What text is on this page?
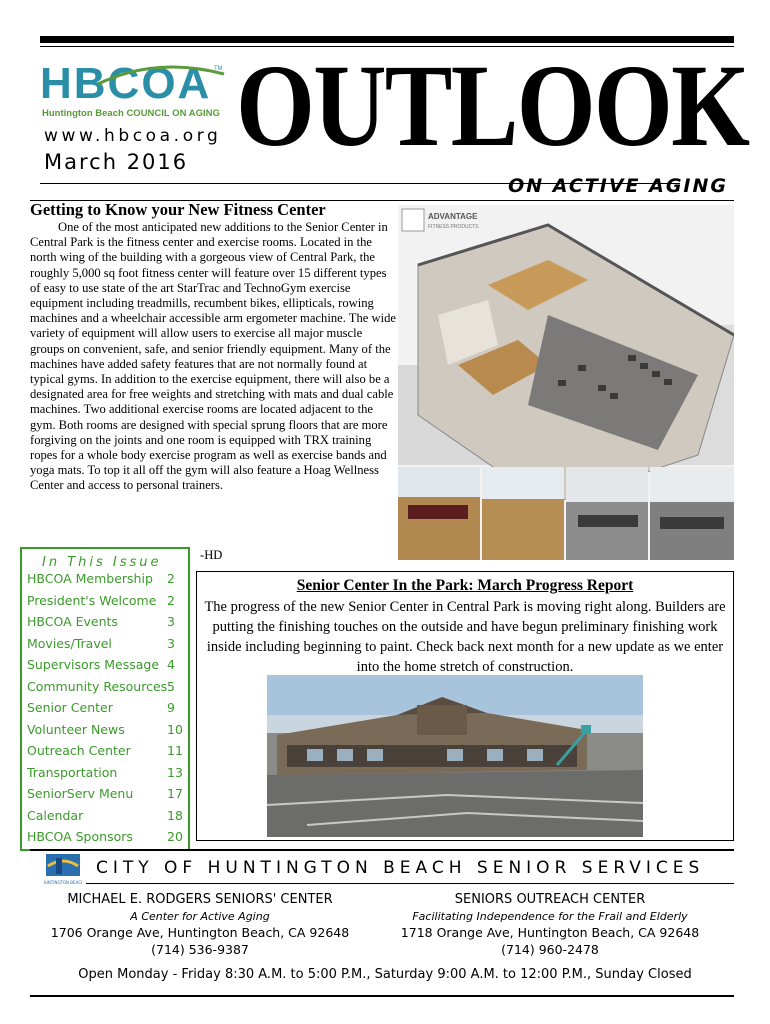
HBCOA TM
Huntington Beach COUNCIL ON AGING
www.hbcoa.org
March 2016 OUTLOOK
ON ACTIVE AGING
Getting to Know your New Fitness Center

One of the most anticipated new additions to the Senior Center in Central Park is the fitness center and exercise rooms. Located in the north wing of the building with a gorgeous view of Central Park, the roughly 5,000 sq foot fitness center will feature over 15 different types of easy to use state of the art StarTrac and TechnoGym exercise equipment including treadmills, recumbent bikes, ellipticals, rowing machines and a wheelchair accessible arm ergometer machine. The wide variety of equipment will allow users to exercise all major muscle groups on convenient, safe, and senior friendly equipment. Many of the machines have added safety features that are not normally found at typical gyms. In addition to the exercise equipment, there will also be a designated area for free weights and stretching with mats and dual cable machines. Two additional exercise rooms are located adjacent to the gym. Both rooms are designed with special sprung floors that are more forgiving on the joints and one room is equipped with TRX training ropes for a whole body exercise program as well as exercise bands and yoga mats. To top it all off the gym will also feature a Hoag Wellness Center and access to personal trainers.

-HD
ADVANTAGE
FITNESS PRODUCTS
In This Issue
HBCOA Membership 2
President's Welcome 2
HBCOA Events	3
Movies/Travel	3
Supervisors Message 4
Community Resources 5
Senior Center	9
Volunteer News	10
Outreach Center	11
Transportation	13
SeniorServ Menu	17
Calendar	18
HBCOA Sponsors	20
Senior Center In the Park: March Progress Report
The progress of the new Senior Center in Central Park is moving right along. Builders are putting the finishing touches on the outside and have begun preliminary finishing work inside including beginning to paint. Check back next month for a new update as we enter into the home stretch of construction.
HUNTINGTON BEACH
CITY OF HUNTINGTON BEACH SENIOR SERVICES
MICHAEL E. RODGERS SENIORS' CENTER
A Center for Active Aging
1706 Orange Ave, Huntington Beach, CA 92648
(714) 536-9387
SENIORS OUTREACH CENTER
Facilitating Independence for the Frail and Elderly
1718 Orange Ave, Huntington Beach, CA 92648
(714) 960-2478
Open Monday - Friday 8:30 A.M. to 5:00 P.M., Saturday 9:00 A.M. to 12:00 P.M., Sunday Closed
